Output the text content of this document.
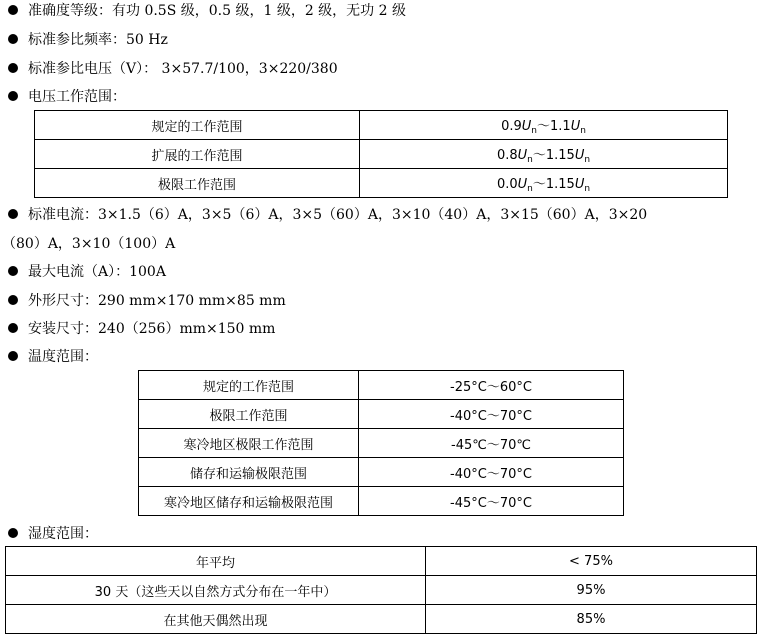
准确度等级：有功 0.5S 级，0.5 级，1 级，2 级，无功 2 级
标准参比频率：50 Hz
标准参比电压（V）： 3×57.7/100，3×220/380
电压工作范围：
规定的工作范围	$0.9U_n\sim 1.1U_n$
扩展的工作范围	$0.8U_n\sim 1.15U_n$
极限工作范围	$0.0U_n\sim 1.15U_n$
标准电流：3×1.5（6）A，3×5（6）A，3×5（60）A，3×10（40）A，3×15（60）A，3×20
（80）A，3×10（100）A
最大电流（A）：100A
外形尺寸：290 mm×170 mm×85 mm
安装尺寸：240（256）mm×150 mm
温度范围：
规定的工作范围	-25°C～60°C
极限工作范围	-40°C～70°C
寒冷地区极限工作范围	-45℃～70℃
储存和运输极限范围	-40°C～70°C
寒冷地区储存和运输极限范围	-45°C～70°C
湿度范围：
年平均	< 75%
30 天（这些天以自然方式分布在一年中）	95%
在其他天偶然出现	85%
